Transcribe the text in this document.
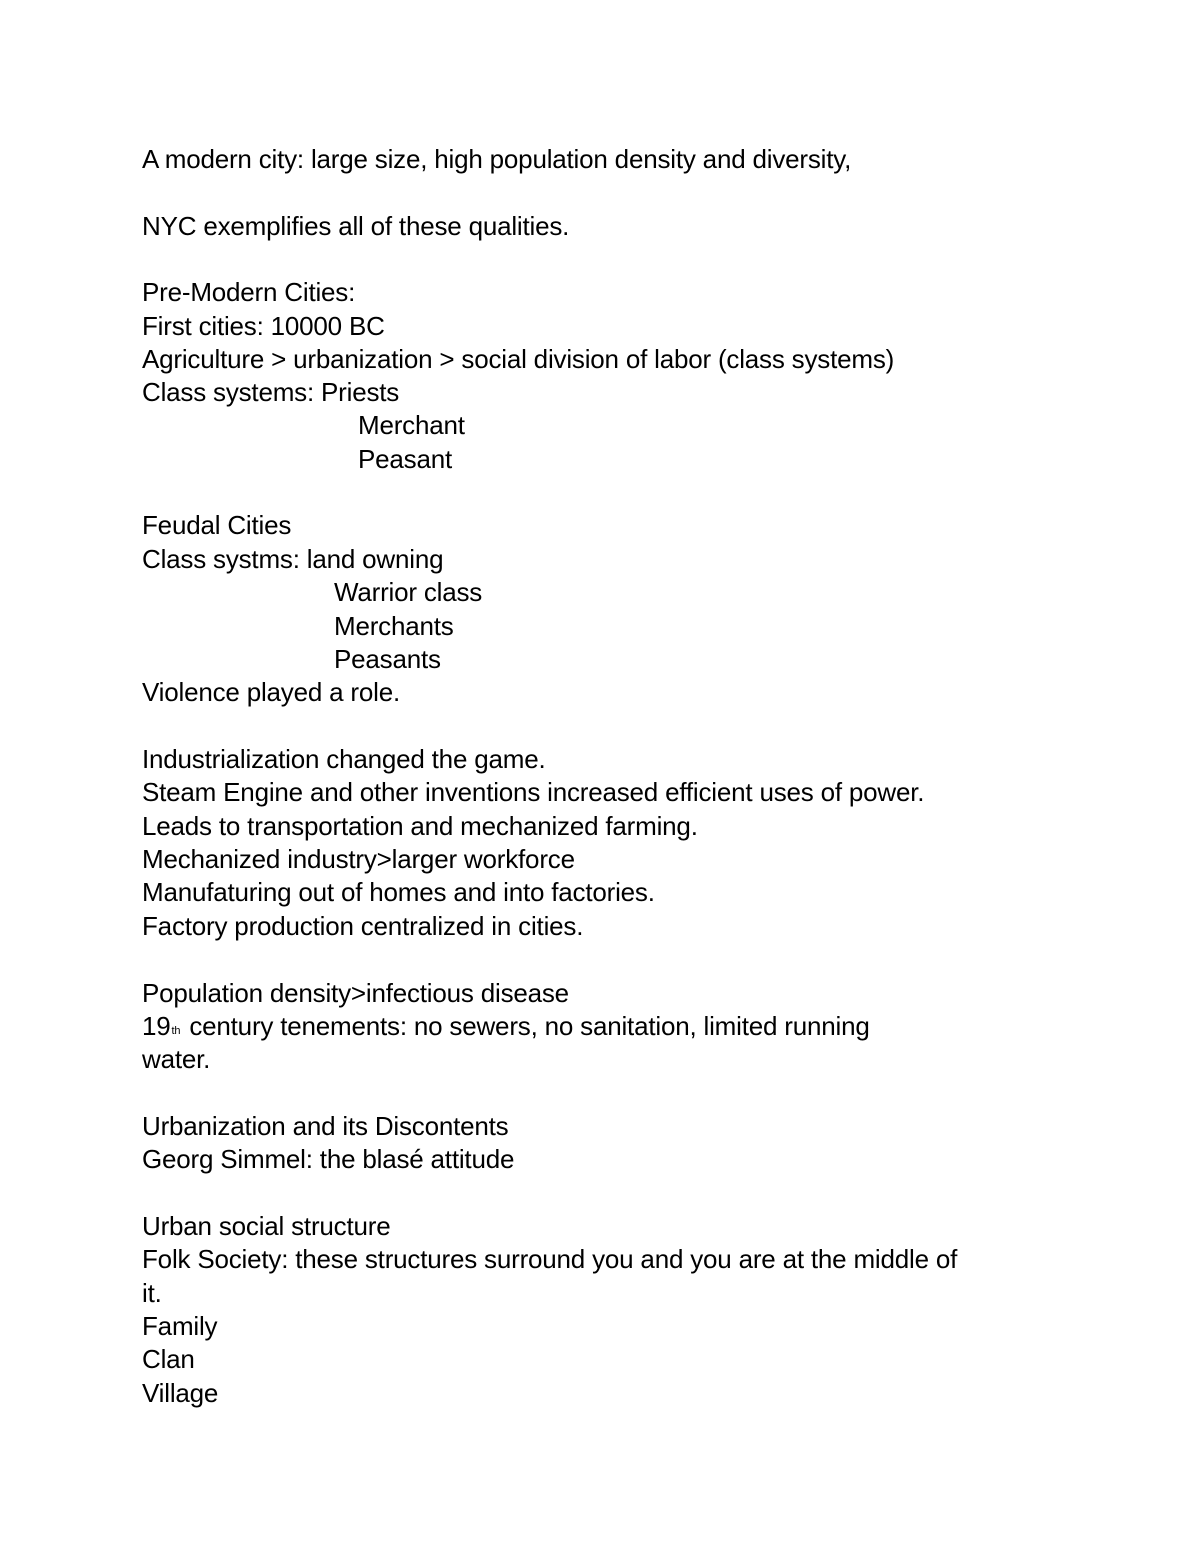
A modern city: large size, high population density and diversity,
NYC exemplifies all of these qualities.
Pre-Modern Cities:
First cities: 10000 BC
Agriculture > urbanization > social division of labor (class systems)
Class systems: Priests
Merchant
Peasant
Feudal Cities
Class systms: land owning
Warrior class
Merchants
Peasants
Violence played a role.
Industrialization changed the game.
Steam Engine and other inventions increased efficient uses of power.
Leads to transportation and mechanized farming.
Mechanized industry>larger workforce
Manufaturing out of homes and into factories.
Factory production centralized in cities.
Population density>infectious disease
19th century tenements: no sewers, no sanitation, limited running
water.
Urbanization and its Discontents
Georg Simmel: the blasé attitude
Urban social structure
Folk Society: these structures surround you and you are at the middle of
it.
Family
Clan
Village
